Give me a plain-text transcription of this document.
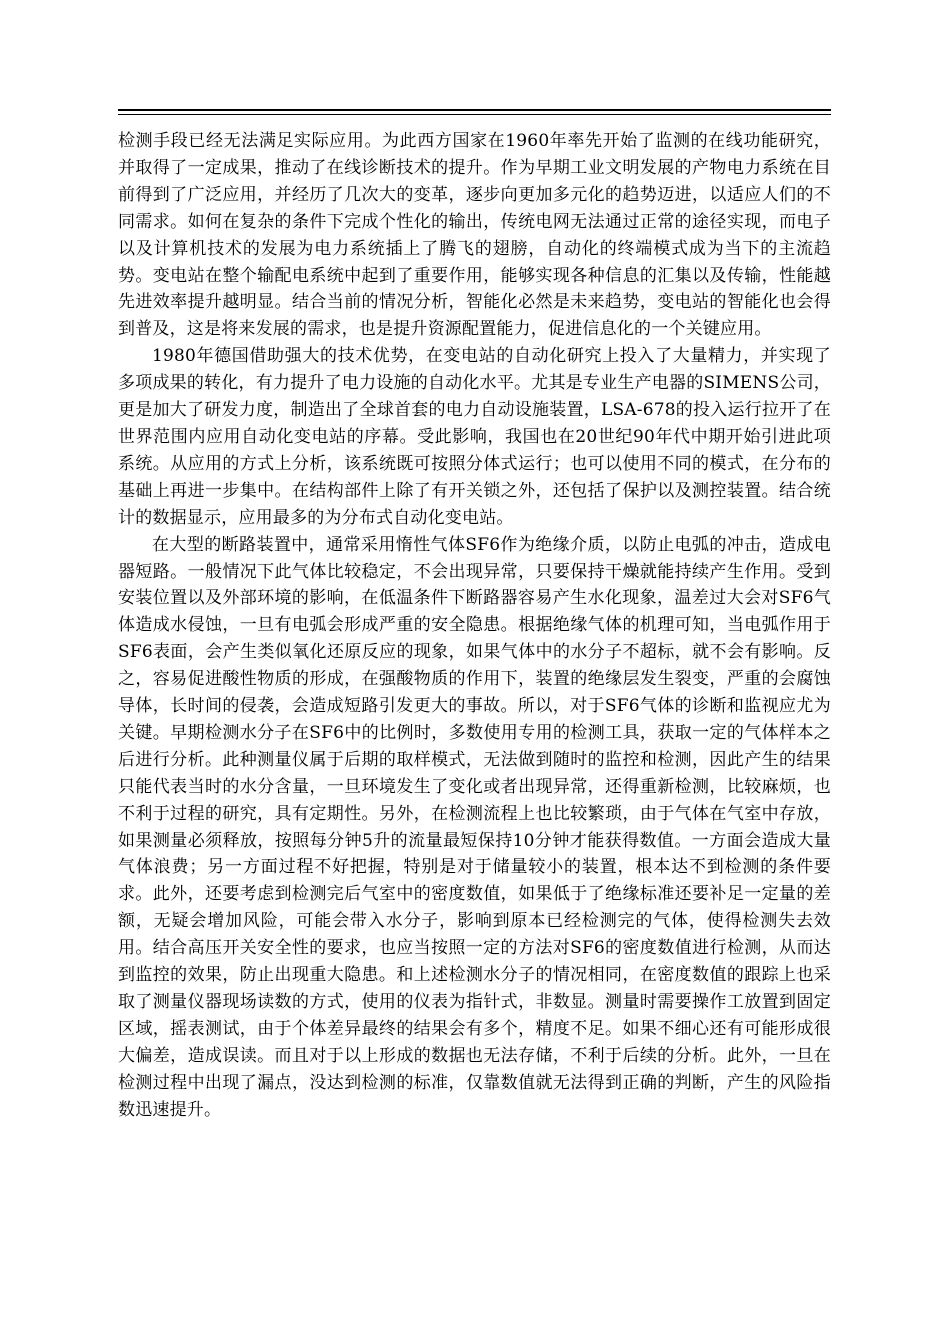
检测手段已经无法满足实际应用。为此西方国家在1960年率先开始了监测的在线功能研究，并取得了一定成果，推动了在线诊断技术的提升。作为早期工业文明发展的产物电力系统在目前得到了广泛应用，并经历了几次大的变革，逐步向更加多元化的趋势迈进，以适应人们的不同需求。如何在复杂的条件下完成个性化的输出，传统电网无法通过正常的途径实现，而电子以及计算机技术的发展为电力系统插上了腾飞的翅膀，自动化的终端模式成为当下的主流趋势。变电站在整个输配电系统中起到了重要作用，能够实现各种信息的汇集以及传输，性能越先进效率提升越明显。结合当前的情况分析，智能化必然是未来趋势，变电站的智能化也会得到普及，这是将来发展的需求，也是提升资源配置能力，促进信息化的一个关键应用。

1980年德国借助强大的技术优势，在变电站的自动化研究上投入了大量精力，并实现了多项成果的转化，有力提升了电力设施的自动化水平。尤其是专业生产电器的SIMENS公司，更是加大了研发力度，制造出了全球首套的电力自动设施装置，LSA-678的投入运行拉开了在世界范围内应用自动化变电站的序幕。受此影响，我国也在20世纪90年代中期开始引进此项系统。从应用的方式上分析，该系统既可按照分体式运行；也可以使用不同的模式，在分布的基础上再进一步集中。在结构部件上除了有开关锁之外，还包括了保护以及测控装置。结合统计的数据显示，应用最多的为分布式自动化变电站。

在大型的断路装置中，通常采用惰性气体SF6作为绝缘介质，以防止电弧的冲击，造成电器短路。一般情况下此气体比较稳定，不会出现异常，只要保持干燥就能持续产生作用。受到安装位置以及外部环境的影响，在低温条件下断路器容易产生水化现象，温差过大会对SF6气体造成水侵蚀，一旦有电弧会形成严重的安全隐患。根据绝缘气体的机理可知，当电弧作用于SF6表面，会产生类似氧化还原反应的现象，如果气体中的水分子不超标，就不会有影响。反之，容易促进酸性物质的形成，在强酸物质的作用下，装置的绝缘层发生裂变，严重的会腐蚀导体，长时间的侵袭，会造成短路引发更大的事故。所以，对于SF6气体的诊断和监视应尤为关键。早期检测水分子在SF6中的比例时，多数使用专用的检测工具，获取一定的气体样本之后进行分析。此种测量仪属于后期的取样模式，无法做到随时的监控和检测，因此产生的结果只能代表当时的水分含量，一旦环境发生了变化或者出现异常，还得重新检测，比较麻烦，也不利于过程的研究，具有定期性。另外，在检测流程上也比较繁琐，由于气体在气室中存放，如果测量必须释放，按照每分钟5升的流量最短保持10分钟才能获得数值。一方面会造成大量气体浪费；另一方面过程不好把握，特别是对于储量较小的装置，根本达不到检测的条件要求。此外，还要考虑到检测完后气室中的密度数值，如果低于了绝缘标准还要补足一定量的差额，无疑会增加风险，可能会带入水分子，影响到原本已经检测完的气体，使得检测失去效用。结合高压开关安全性的要求，也应当按照一定的方法对SF6的密度数值进行检测，从而达到监控的效果，防止出现重大隐患。和上述检测水分子的情况相同，在密度数值的跟踪上也采取了测量仪器现场读数的方式，使用的仪表为指针式，非数显。测量时需要操作工放置到固定区域，摇表测试，由于个体差异最终的结果会有多个，精度不足。如果不细心还有可能形成很大偏差，造成误读。而且对于以上形成的数据也无法存储，不利于后续的分析。此外，一旦在检测过程中出现了漏点，没达到检测的标准，仅靠数值就无法得到正确的判断，产生的风险指数迅速提升。
